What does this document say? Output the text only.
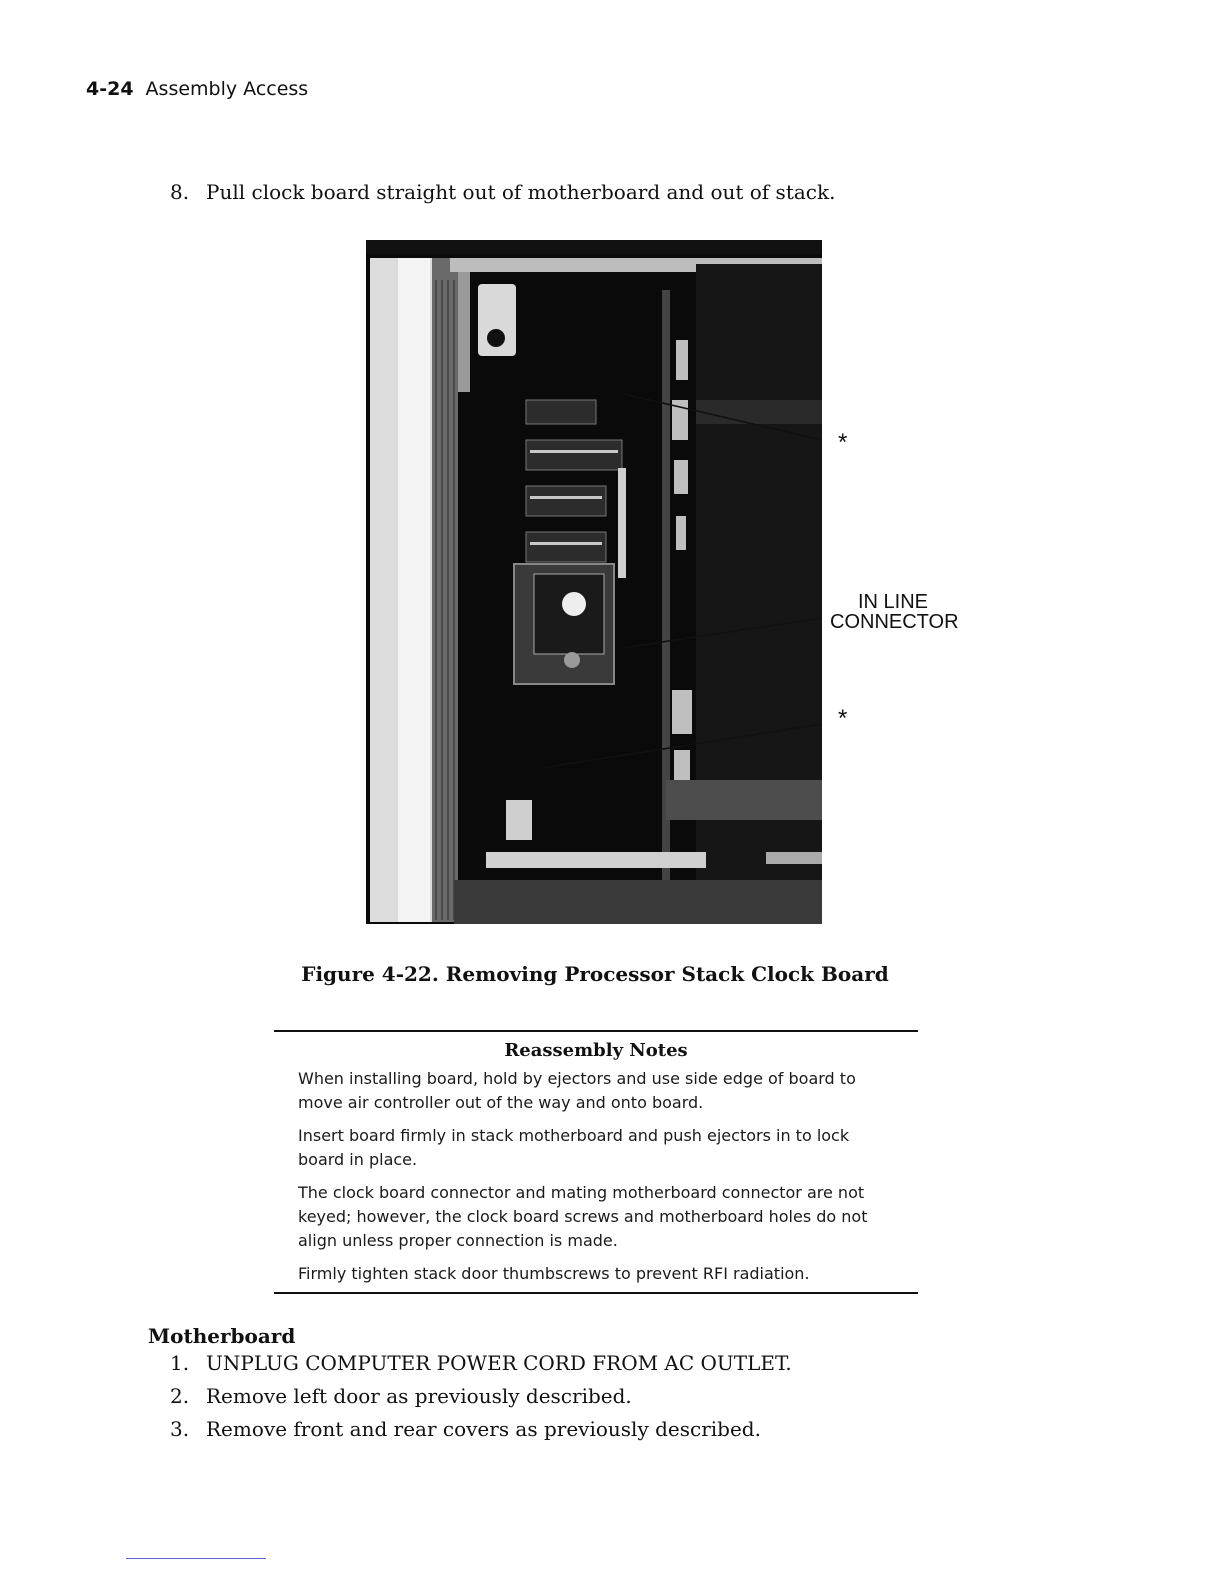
4-24 Assembly Access
8. Pull clock board straight out of motherboard and out of stack.
*
IN LINE
CONNECTOR
*
Figure 4-22. Removing Processor Stack Clock Board
Reassembly Notes

When installing board, hold by ejectors and use side edge of board to move air controller out of the way and onto board.

Insert board firmly in stack motherboard and push ejectors in to lock board in place.

The clock board connector and mating motherboard connector are not keyed; however, the clock board screws and motherboard holes do not align unless proper connection is made.

Firmly tighten stack door thumbscrews to prevent RFI radiation.

Motherboard
1. UNPLUG COMPUTER POWER CORD FROM AC OUTLET.
2. Remove left door as previously described.
3. Remove front and rear covers as previously described.
